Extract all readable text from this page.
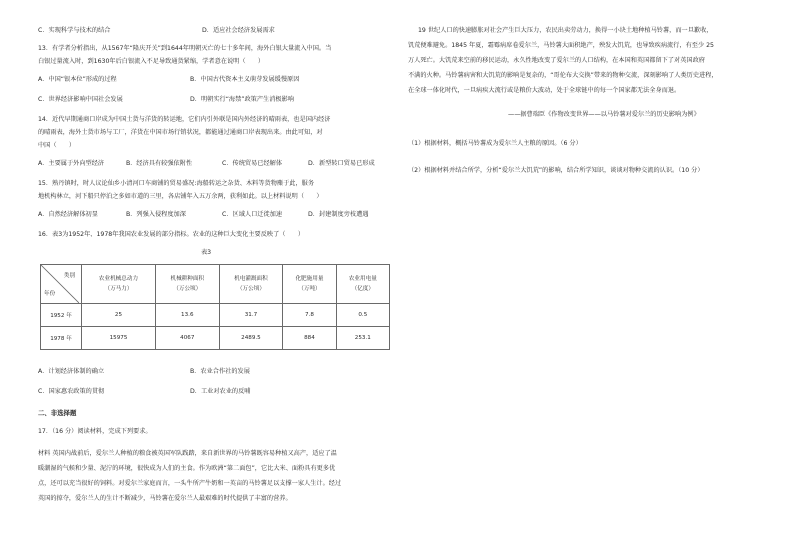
C．实现科学与技术的结合	D．适应社会经济发展需求
13．有学者分析指出，从1567年“隆庆开关”到1644年明朝灭亡的七十多年间，海外白银大量流入中国。当
白银过量流入时，到1630年后白银流入不足导致通货紧缩，学者意在说明（　　）
A．中国“银本位”形成的过程	B．中国古代资本主义萌芽发展缓慢原因
C．世界经济影响中国社会发展	D．明朝实行“海禁”政策产生消极影响
14．近代早期通商口岸成为中国土货与洋货的转运地，它们内引外联是国内外经济的晴雨表，也是国内经济
的晴雨表，海外土货市场与工厂，洋货在中国市场行销状况，都能通过通商口岸表现出来。由此可知，对
中国（　　）
A．主要属于外向型经济	B．经济具有较强依附性	C．传统贸易已经解体	D．新型转口贸易已形成
15．熟丹镇时，时人议论仙乡小清河口车商铺的贸易盛况:海船转运之杂货、木料等货物麇于此，服务
地机构林立，河下船只停泊之多如市道的三里，各店铺年入五万余两，获利如此。以上材料说明（　　）
A．自然经济解体初显	B．列强入侵程度加深	C．区域人口迁徙加速	D．封建制度旁枝遭遇
16．表3为1952年、1978年我国农业发展的部分指标。农业的这种巨大变化主要反映了（　　）
表3
类别
年份	农业机械总动力
（万马力）	机械耕种面积
（万公顷）	机电灌溉面积
（万公顷）	化肥施用量
（万吨）	农业用电量
（亿度）

1952 年	25	13.6	31.7	7.8	0.5
1978 年	15975	4067	2489.5	884	253.1
A．计划经济体制的确立	B．农业合作社的发展
C．国家惠农政策的贯彻	D．工业对农业的反哺
二、非选择题
17．（16 分）阅读材料，完成下列要求。
材料 英国内战前后，爱尔兰人种植的粮食被英国军队践踏，来自新世界的马铃薯既容易种植又高产，适应了温
暖潮湿的气候和少量、泥泞的环境，很快成为人们的主食。作为欧洲“第二面包”，它比大米、面粉具有更多优
点，还可以充当很好的饲料。对爱尔兰家庭而言，一头牛所产牛奶和一英亩的马铃薯足以支撑一家人生计。经过
英国的掠夺，爱尔兰人的生计不断减少，马铃薯在爱尔兰人最艰难的时代提供了丰富的营养。
19 世纪人口的快速膨胀对社会产生巨大压力，农民出卖劳动力，换得一小块土地种植马铃薯，而一旦歉收，
饥荒便难避免。1845 年夏，霜霉病席卷爱尔兰，马铃薯大面积絶产，殃发大饥荒，也导致疾病流行，有至少 25
万人死亡。大饥荒来空前的移民运动，永久性地改变了爱尔兰的人口结构，在本国和英国都留下了对英国政府
不满的火种。马铃薯病害和大饥荒的影响是复杂的，“哥伦布大交换”带来的物种交流，深刻影响了人类历史进程，
在全球一体化时代，一旦病疾大流行或是粮价大波动，处于全球链中的每一个国家都无法全身而退。
——据曹瑞臣《作物改变世界——以马铃薯对爱尔兰的历史影响为例》
（1）根据材料，概括马铃薯成为爱尔兰人主粮的原因。（6 分）
（2）根据材料并结合所学，分析“爱尔兰大饥荒”的影响，结合所学知识，谈谈对物种交流的认识。（10 分）
